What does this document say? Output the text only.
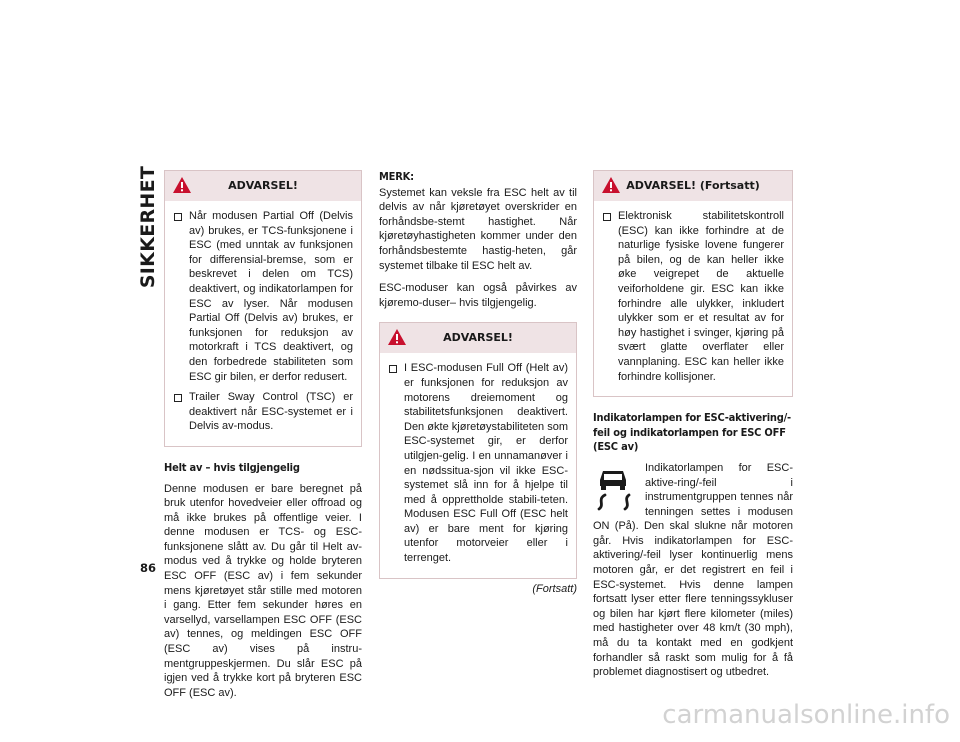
SIKKERHET
86
ADVARSEL!
Når modusen Partial Off (Delvis av) brukes, er TCS-funksjonene i ESC (med unntak av funksjonen for differensial-bremse, som er beskrevet i delen om TCS) deaktivert, og indikatorlampen for ESC av lyser. Når modusen Partial Off (Delvis av) brukes, er funksjonen for reduksjon av motorkraft i TCS deaktivert, og den forbedrede stabiliteten som ESC gir bilen, er derfor redusert.
Trailer Sway Control (TSC) er deaktivert når ESC-systemet er i Delvis av-modus.
Helt av – hvis tilgjengelig

Denne modusen er bare beregnet på bruk utenfor hovedveier eller offroad og må ikke brukes på offentlige veier. I denne modusen er TCS- og ESC-funksjonene slått av. Du går til Helt av-modus ved å trykke og holde bryteren ESC OFF (ESC av) i fem sekunder mens kjøretøyet står stille med motoren i gang. Etter fem sekunder høres en varsellyd, varsellampen ESC OFF (ESC av) tennes, og meldingen ESC OFF (ESC av) vises på instru-mentgruppeskjermen. Du slår ESC på igjen ved å trykke kort på bryteren ESC OFF (ESC av).

MERK:

Systemet kan veksle fra ESC helt av til delvis av når kjøretøyet overskrider en forhåndsbe-stemt hastighet. Når kjøretøyhastigheten kommer under den forhåndsbestemte hastig-heten, går systemet tilbake til ESC helt av.

ESC-moduser kan også påvirkes av kjøremo-duser– hvis tilgjengelig.

ADVARSEL!
I ESC-modusen Full Off (Helt av) er funksjonen for reduksjon av motorens dreiemoment og stabilitetsfunksjonen deaktivert. Den økte kjøretøystabiliteten som ESC-systemet gir, er derfor utilgjen-gelig. I en unnamanøver i en nødssitua-sjon vil ikke ESC-systemet slå inn for å hjelpe til med å opprettholde stabili-teten. Modusen ESC Full Off (ESC helt av) er bare ment for kjøring utenfor motorveier eller i terrenget.
(Fortsatt)
ADVARSEL! (Fortsatt)
Elektronisk stabilitetskontroll (ESC) kan ikke forhindre at de naturlige fysiske lovene fungerer på bilen, og de kan heller ikke øke veigrepet de aktuelle veiforholdene gir. ESC kan ikke forhindre alle ulykker, inkludert ulykker som er et resultat av for høy hastighet i svinger, kjøring på svært glatte overflater eller vannplaning. ESC kan heller ikke forhindre kollisjoner.
Indikatorlampen for ESC-aktivering/-feil og indikatorlampen for ESC OFF (ESC av)
Indikatorlampen for ESC-aktive-ring/-feil i instrumentgruppen tennes når tenningen settes i modusen ON (På). Den skal slukne når motoren går. Hvis indikatorlampen for ESC-aktivering/-feil lyser kontinuerlig mens motoren går, er det registrert en feil i ESC-systemet. Hvis denne lampen fortsatt lyser etter flere tenningssykluser og bilen har kjørt flere kilometer (miles) med hastigheter over 48 km/t (30 mph), må du ta kontakt med en godkjent forhandler så raskt som mulig for å få problemet diagnostisert og utbedret.
carmanualsonline.info
